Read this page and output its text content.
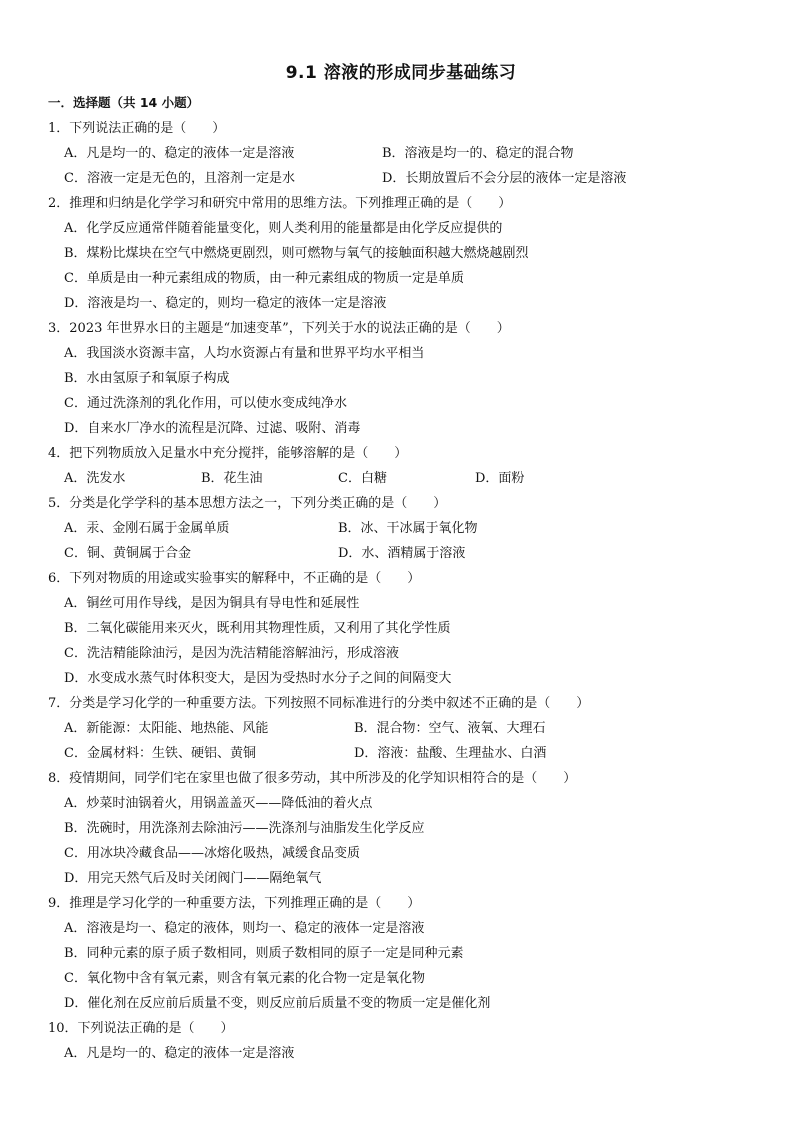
9.1 溶液的形成同步基础练习
一．选择题（共 14 小题）
1．下列说法正确的是（　　）
A．凡是均一的、稳定的液体一定是溶液	B．溶液是均一的、稳定的混合物
C．溶液一定是无色的，且溶剂一定是水	D．长期放置后不会分层的液体一定是溶液
2．推理和归纳是化学学习和研究中常用的思维方法。下列推理正确的是（　　）
A．化学反应通常伴随着能量变化，则人类利用的能量都是由化学反应提供的
B．煤粉比煤块在空气中燃烧更剧烈，则可燃物与氧气的接触面积越大燃烧越剧烈
C．单质是由一种元素组成的物质，由一种元素组成的物质一定是单质
D．溶液是均一、稳定的，则均一稳定的液体一定是溶液
3．2023 年世界水日的主题是“加速变革”，下列关于水的说法正确的是（　　）
A．我国淡水资源丰富，人均水资源占有量和世界平均水平相当
B．水由氢原子和氧原子构成
C．通过洗涤剂的乳化作用，可以使水变成纯净水
D．自来水厂净水的流程是沉降、过滤、吸附、消毒
4．把下列物质放入足量水中充分搅拌，能够溶解的是（　　）
A．洗发水	B．花生油	C．白糖	D．面粉
5．分类是化学学科的基本思想方法之一，下列分类正确的是（　　）
A．汞、金刚石属于金属单质	B．冰、干冰属于氧化物
C．铜、黄铜属于合金	D．水、酒精属于溶液
6．下列对物质的用途或实验事实的解释中，不正确的是（　　）
A．铜丝可用作导线，是因为铜具有导电性和延展性
B．二氧化碳能用来灭火，既利用其物理性质，又利用了其化学性质
C．洗洁精能除油污，是因为洗洁精能溶解油污，形成溶液
D．水变成水蒸气时体积变大，是因为受热时水分子之间的间隔变大
7．分类是学习化学的一种重要方法。下列按照不同标准进行的分类中叙述不正确的是（　　）
A．新能源：太阳能、地热能、风能	B．混合物：空气、液氧、大理石
C．金属材料：生铁、硬铝、黄铜	D．溶液：盐酸、生理盐水、白酒
8．疫情期间，同学们宅在家里也做了很多劳动，其中所涉及的化学知识相符合的是（　　）
A．炒菜时油锅着火，用锅盖盖灭——降低油的着火点
B．洗碗时，用洗涤剂去除油污——洗涤剂与油脂发生化学反应
C．用冰块冷藏食品——冰熔化吸热，减缓食品变质
D．用完天然气后及时关闭阀门——隔绝氧气
9．推理是学习化学的一种重要方法，下列推理正确的是（　　）
A．溶液是均一、稳定的液体，则均一、稳定的液体一定是溶液
B．同种元素的原子质子数相同，则质子数相同的原子一定是同种元素
C．氧化物中含有氧元素，则含有氧元素的化合物一定是氧化物
D．催化剂在反应前后质量不变，则反应前后质量不变的物质一定是催化剂
10．下列说法正确的是（　　）
A．凡是均一的、稳定的液体一定是溶液
